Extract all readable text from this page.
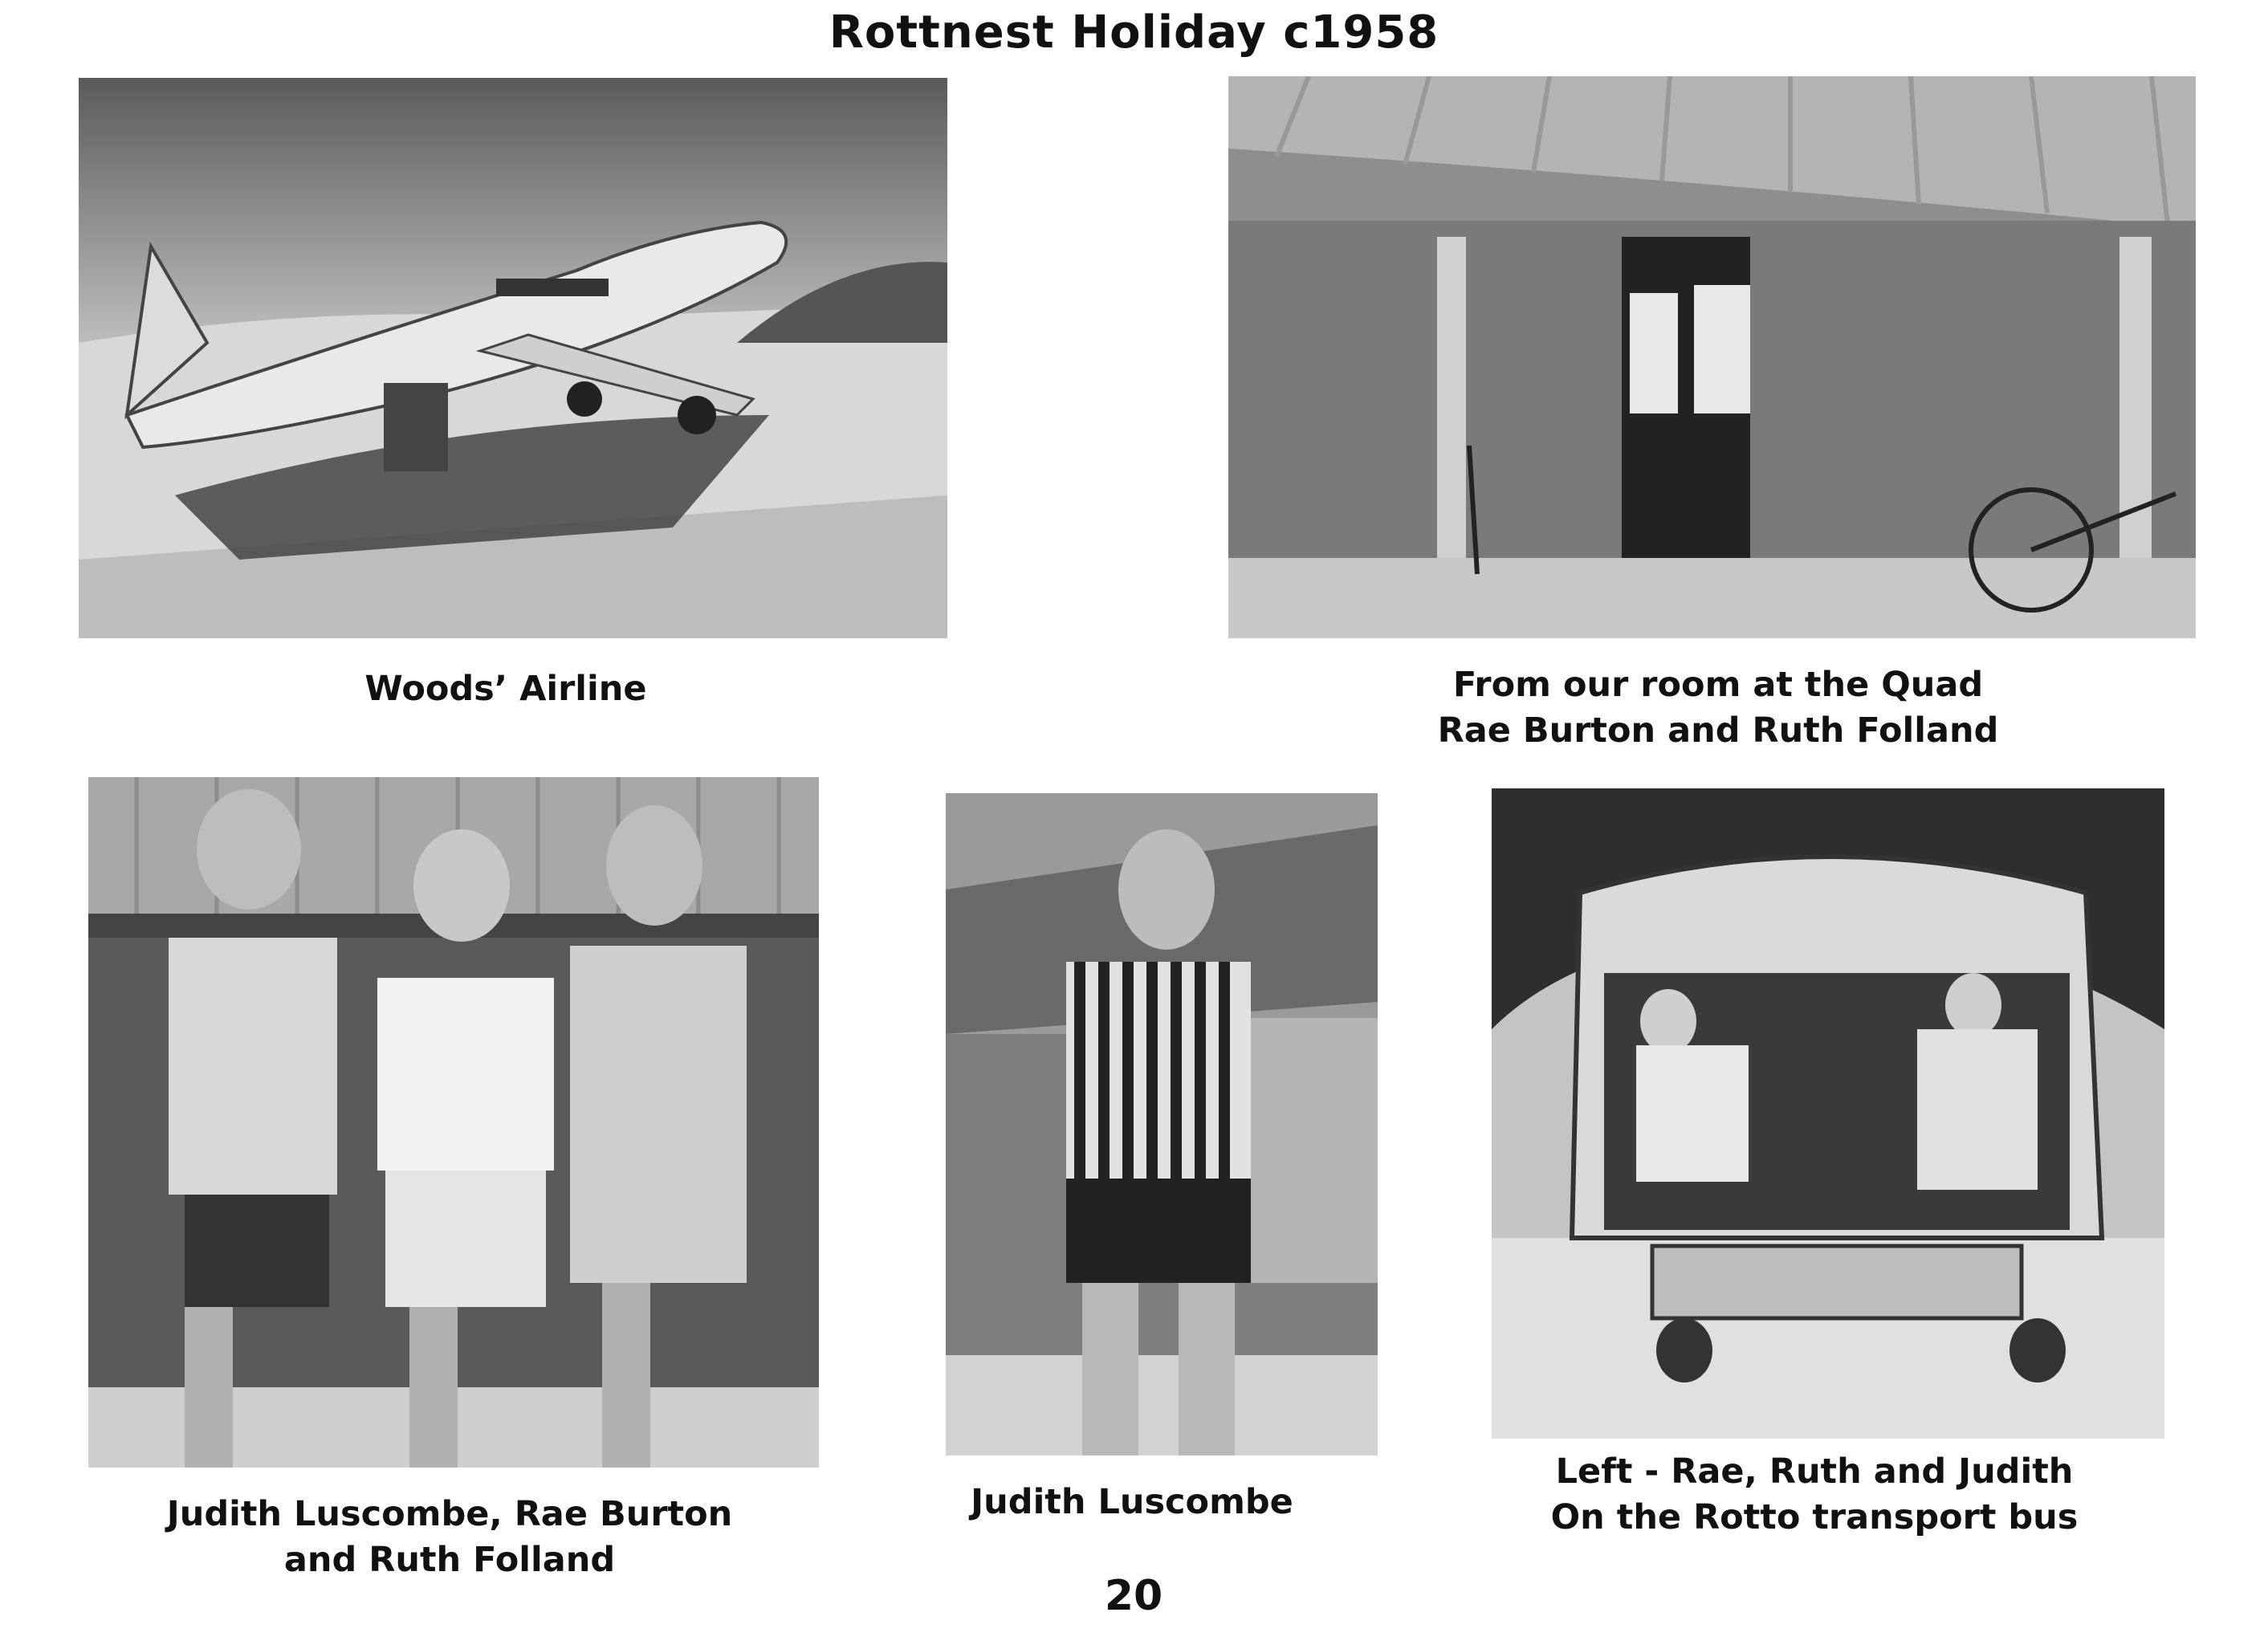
Rottnest Holiday c1958
Woods’ Airline	From our room at the Quad
Rae Burton and Ruth Folland
Judith Luscombe, Rae Burton
and Ruth Folland
Judith Luscombe
Left - Rae, Ruth and Judith
On the Rotto transport bus
20
